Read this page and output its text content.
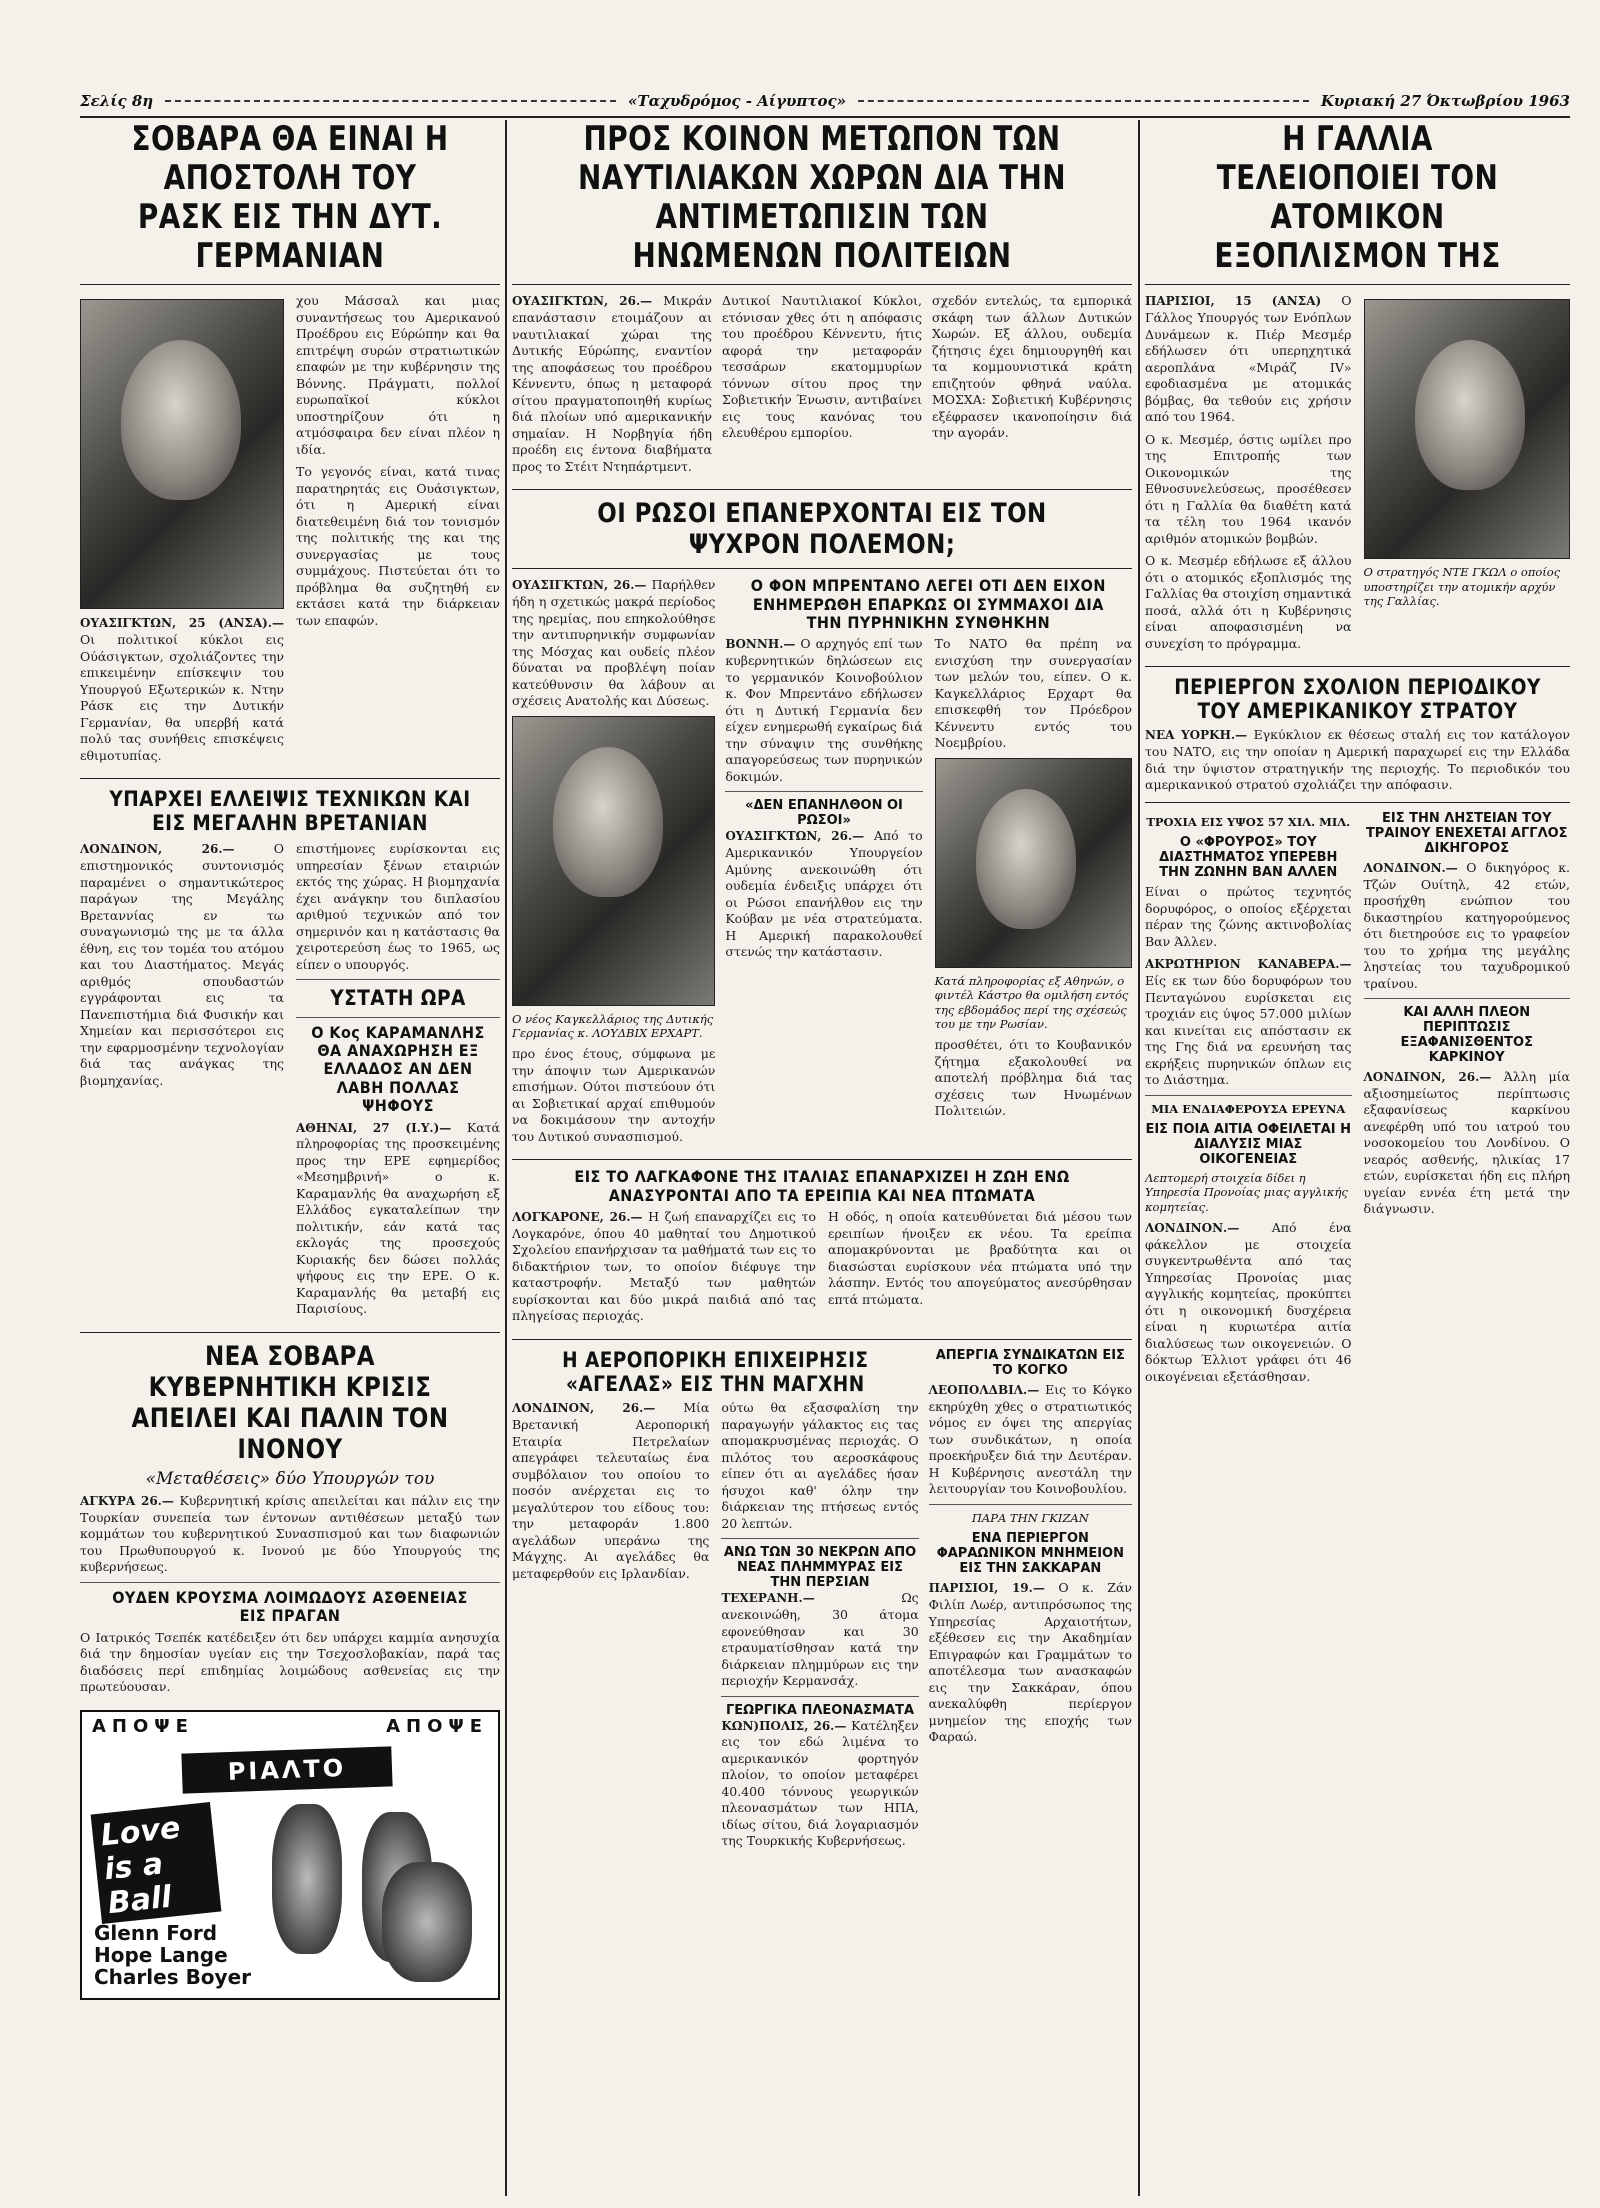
Σελίς 8η	«Ταχυδρόμος - Αίγυπτος»	Κυριακή 27 Όκτωβρίου 1963
ΣΟΒΑΡΑ ΘΑ ΕΙΝΑΙ Η ΑΠΟΣΤΟΛΗ ΤΟΥ ΡΑΣΚ ΕΙΣ ΤΗΝ ΔΥΤ. ΓΕΡΜΑΝΙΑΝ
ΟΥΑΣΙΓΚΤΩΝ, 25 (ΑΝΣΑ).— Οι πολιτικοί κύκλοι εις Ούάσιγκτων, σχολιάζοντες την επικειμένην επίσκεψιν του Υπουργού Εξωτερικών κ. Ντην Ράσκ εις την Δυτικήν Γερμανίαν, θα υπερβή κατά πολύ τας συνήθεις επισκέψεις εθιμοτυπίας.
χου Μάσσαλ και μιας συναντήσεως του Αμερικανού Προέδρου εις Εύρώπην και θα επιτρέψη συρών στρατιωτικών επαφών με την κυβέρνησιν της Βόννης. Πράγματι, πολλοί ευρωπαϊκοί κύκλοι υποστηρίζουν ότι η ατμόσφαιρα δεν είναι πλέον η ιδία.
Το γεγονός είναι, κατά τινας παρατηρητάς εις Ουάσιγκτων, ότι η Αμερική είναι διατεθειμένη διά τον τονισμόν της πολιτικής της και της συνεργασίας με τους συμμάχους. Πιστεύεται ότι το πρόβλημα θα συζητηθή εν εκτάσει κατά την διάρκειαν των επαφών.
ΥΠΑΡΧΕΙ ΕΛΛΕΙΨΙΣ ΤΕΧΝΙΚΩΝ ΚΑΙ ΕΙΣ ΜΕΓΑΛΗΝ ΒΡΕΤΑΝΙΑΝ
ΛΟΝΔΙΝΟΝ, 26.—	Ο επιστημονικός συντονισμός παραμένει ο σημαντικώτερος παράγων της Μεγάλης Βρεταννίας εν τω συναγωνισμώ της με τα άλλα έθνη, εις τον τομέα του ατόμου και του Διαστήματος. Μεγάς αριθμός σπουδαστών εγγράφονται εις τα Πανεπιστήμια διά Φυσικήν και Χημείαν και περισσότεροι εις την εφαρμοσμένην τεχνολογίαν διά τας ανάγκας της βιομηχανίας.
επιστήμονες ευρίσκονται εις υπηρεσίαν ξένων εταιριών εκτός της χώρας. Η βιομηχανία έχει ανάγκην του διπλασίου αριθμού τεχνικών από τον σημερινόν και η κατάστασις θα χειροτερεύση έως το 1965, ως είπεν ο υπουργός.
ΥΣΤΑΤΗ ΩΡΑ
Ο Κος ΚΑΡΑΜΑΝΛΗΣ ΘΑ ΑΝΑΧΩΡΗΣΗ ΕΞ ΕΛΛΑΔΟΣ ΑΝ ΔΕΝ ΛΑΒΗ ΠΟΛΛΑΣ ΨΗΦΟΥΣ
ΑΘΗΝΑΙ, 27 (Ι.Υ.)— Κατά πληροφορίας της προσκειμένης προς την ΕΡΕ εφημερίδος «Μεσημβρινή» ο κ. Καραμανλής θα αναχωρήση εξ Ελλάδος εγκαταλείπων την πολιτικήν, εάν κατά τας εκλογάς της προσεχούς Κυριακής δεν δώσει πολλάς ψήφους εις την ΕΡΕ. Ο κ. Καραμανλής θα μεταβή εις Παρισίους.
ΝΕΑ ΣΟΒΑΡΑ ΚΥΒΕΡΝΗΤΙΚΗ ΚΡΙΣΙΣ ΑΠΕΙΛΕΙ ΚΑΙ ΠΑΛΙΝ ΤΟΝ ΙΝΟΝΟΥ
«Μεταθέσεις» δύο Υπουργών του
ΑΓΚΥΡΑ 26.— Κυβερνητική κρίσις απειλείται και πάλιν εις την Τουρκίαν συνεπεία των έντονων αντιθέσεων μεταξύ των κομμάτων του κυβερνητικού Συνασπισμού και των διαφωνιών του Πρωθυπουργού κ. Ινονού με δύο Υπουργούς της κυβερνήσεως.
ΟΥΔΕΝ ΚΡΟΥΣΜΑ ΛΟΙΜΩΔΟΥΣ ΑΣΘΕΝΕΙΑΣ ΕΙΣ ΠΡΑΓΑΝ
Ο Ιατρικός Τσεπέκ κατέδειξεν ότι δεν υπάρχει καμμία ανησυχία διά την δημοσίαν υγείαν εις την Τσεχοσλοβακίαν, παρά τας διαδόσεις περί επιδημίας λοιμώδους ασθενείας εις την πρωτεύουσαν.
ΑΠΟΨΕ	ΑΠΟΨΕ
ΡΙΑΛΤΟ
Love is a Ball
Glenn Ford
Hope Lange
Charles Boyer
ΠΡΟΣ ΚΟΙΝΟΝ ΜΕΤΩΠΟΝ ΤΩΝ ΝΑΥΤΙΛΙΑΚΩΝ ΧΩΡΩΝ ΔΙΑ ΤΗΝ ΑΝΤΙΜΕΤΩΠΙΣΙΝ ΤΩΝ ΗΝΩΜΕΝΩΝ ΠΟΛΙΤΕΙΩΝ
ΟΥΑΣΙΓΚΤΩΝ, 26.— Μικράν επανάστασιν ετοιμάζουν αι ναυτιλιακαί χώραι της Δυτικής Εύρώπης, εναντίον της αποφάσεως του προέδρου Κέννεντυ, όπως η μεταφορά σίτου πραγματοποιηθή κυρίως διά πλοίων υπό αμερικανικήν σημαίαν. Η Νορβηγία ήδη προέδη εις έντονα διαβήματα προς το Στέιτ Ντηπάρτμεντ.
Δυτικοί Ναυτιλιακοί Κύκλοι, ετόνισαν χθες ότι η απόφασις του προέδρου Κέννεντυ, ήτις αφορά την μεταφοράν τεσσάρων εκατομμυρίων τόννων σίτου προς την Σοβιετικήν Ένωσιν, αντιβαίνει εις τους κανόνας του ελευθέρου εμπορίου.
σχεδόν εντελώς, τα εμπορικά σκάφη των άλλων Δυτικών Χωρών. Εξ άλλου, ουδεμία ζήτησις έχει δημιουργηθή και τα κομμουνιστικά κράτη επιζητούν φθηνά ναύλα. ΜΟΣΧΑ: Σοβιετική Κυβέρνησις εξέφρασεν ικανοποίησιν διά την αγοράν.
ΟΙ ΡΩΣΟΙ ΕΠΑΝΕΡΧΟΝΤΑΙ ΕΙΣ ΤΟΝ ΨΥΧΡΟΝ ΠΟΛΕΜΟΝ;
ΟΥΑΣΙΓΚΤΩΝ, 26.— Παρήλθεν ήδη η σχετικώς μακρά περίοδος της ηρεμίας, που επηκολούθησε την αντιπυρηνικήν συμφωνίαν της Μόσχας και ουδείς πλέον δύναται να προβλέψη ποίαν κατεύθυνσιν θα λάβουν αι σχέσεις Ανατολής και Δύσεως.
Ο νέος Καγκελλάριος της Δυτικής Γερμανίας κ. ΛΟΥΔΒΙΧ ΕΡΧΑΡΤ.
προ ένος έτους, σύμφωνα με την άποψιν των Αμερικανών επισήμων. Ούτοι πιστεύουν ότι αι Σοβιετικαί αρχαί επιθυμούν να δοκιμάσουν την αντοχήν του Δυτικού συνασπισμού.
Ο ΦΟΝ ΜΠΡΕΝΤΑΝΟ ΛΕΓΕΙ ΟΤΙ ΔΕΝ ΕΙΧΟΝ ΕΝΗΜΕΡΩΘΗ ΕΠΑΡΚΩΣ ΟΙ ΣΥΜΜΑΧΟΙ ΔΙΑ ΤΗΝ ΠΥΡΗΝΙΚΗΝ ΣΥΝΘΗΚΗΝ
ΒΟΝΝΗ.— Ο αρχηγός επί των κυβερνητικών δηλώσεων εις το γερμανικόν Κοινοβούλιον κ. Φον Μπρεντάνο εδήλωσεν ότι η Δυτική Γερμανία δεν είχεν ενημερωθή εγκαίρως διά την σύναψιν της συνθήκης απαγορεύσεως των πυρηνικών δοκιμών.
«ΔΕΝ ΕΠΑΝΗΛΘΟΝ ΟΙ ΡΩΣΟΙ»
ΟΥΑΣΙΓΚΤΩΝ, 26.— Από το Αμερικανικόν Υπουργείον Αμύνης ανεκοινώθη ότι ουδεμία ένδειξις υπάρχει ότι οι Ρώσοι επανήλθον εις την Κούβαν με νέα στρατεύματα. Η Αμερική παρακολουθεί στενώς την κατάστασιν.
Το ΝΑΤΟ θα πρέπη να ενισχύση την συνεργασίαν των μελών του, είπεν. Ο κ. Καγκελλάριος Ερχαρτ θα επισκεφθή τον Πρόεδρον Κέννεντυ εντός του Νοεμβρίου.
Κατά πληροφορίας εξ Αθηνών, ο φιντέλ Κάστρο θα ομιλήση εντός της εβδομάδος περί της σχέσεώς του με την Ρωσίαν.
προσθέτει, ότι το Κουβανικόν ζήτημα εξακολουθεί να αποτελή πρόβλημα διά τας σχέσεις των Ηνωμένων Πολιτειών.
ΕΙΣ ΤΟ ΛΑΓΚΑΦΟΝΕ ΤΗΣ ΙΤΑΛΙΑΣ ΕΠΑΝΑΡΧΙΖΕΙ Η ΖΩΗ ΕΝΩ ΑΝΑΣΥΡΟΝΤΑΙ ΑΠΟ ΤΑ ΕΡΕΙΠΙΑ ΚΑΙ ΝΕΑ ΠΤΩΜΑΤΑ
ΛΟΓΚΑΡΟΝΕ, 26.— Η ζωή επαναρχίζει εις το Λογκαρόνε, όπου 40 μαθηταί του Δημοτικού Σχολείου επανήρχισαν τα μαθήματά των εις το διδακτήριον των, το οποίον διέφυγε την καταστροφήν. Μεταξύ των μαθητών ευρίσκονται και δύο μικρά παιδιά από τας πληγείσας περιοχάς.
Η οδός, η οποία κατευθύνεται διά μέσου των ερειπίων ήνοιξεν εκ νέου. Τα ερείπια απομακρύνονται με βραδύτητα και οι διασώσται ευρίσκουν νέα πτώματα υπό την λάσπην. Εντός του απογεύματος ανεσύρθησαν επτά πτώματα.
Η ΑΕΡΟΠΟΡΙΚΗ ΕΠΙΧΕΙΡΗΣΙΣ «ΑΓΕΛΑΣ» ΕΙΣ ΤΗΝ ΜΑΓΧΗΝ
ΛΟΝΔΙΝΟΝ, 26.— Μία Βρετανική Αεροπορική Εταιρία Πετρελαίων απεγράφει τελευταίως ένα συμβόλαιον του οποίου το ποσόν ανέρχεται εις το μεγαλύτερον του είδους του: την μεταφοράν 1.800 αγελάδων υπεράνω της Μάγχης. Αι αγελάδες θα μεταφερθούν εις Ιρλανδίαν.
ούτω θα εξασφαλίση την παραγωγήν γάλακτος εις τας απομακρυσμένας περιοχάς. Ο πιλότος του αεροσκάφους είπεν ότι αι αγελάδες ήσαν ήσυχοι καθ' όλην την διάρκειαν της πτήσεως εντός 20 λεπτών.
ΑΝΩ ΤΩΝ 30 ΝΕΚΡΩΝ ΑΠΟ ΝΕΑΣ ΠΛΗΜΜΥΡΑΣ ΕΙΣ ΤΗΝ ΠΕΡΣΙΑΝ
ΤΕΧΕΡΑΝΗ.—	Ως ανεκοινώθη, 30 άτομα εφονεύθησαν και 30 ετραυματίσθησαν κατά την διάρκειαν πλημμύρων εις την περιοχήν Κερμανσάχ.
ΓΕΩΡΓΙΚΑ ΠΛΕΟΝΑΣΜΑΤΑ
ΚΩΝ)ΠΟΛΙΣ, 26.— Κατέληξεν εις τον εδώ λιμένα το αμερικανικόν φορτηγόν πλοίον, το οποίον μεταφέρει 40.400 τόννους γεωργικών πλεονασμάτων των ΗΠΑ, ιδίως σίτου, διά λογαριασμόν της Τουρκικής Κυβερνήσεως.
ΑΠΕΡΓΙΑ ΣΥΝΔΙΚΑΤΩΝ ΕΙΣ ΤΟ ΚΟΓΚΟ
ΛΕΟΠΟΛΔΒΙΛ.— Εις το Κόγκο εκηρύχθη χθες ο στρατιωτικός νόμος εν όψει της απεργίας των συνδικάτων, η οποία προεκήρυξεν διά την Δευτέραν. Η Κυβέρνησις ανεστάλη την λειτουργίαν του Κοινοβουλίου.
ΠΑΡΑ ΤΗΝ ΓΚΙΖΑΝ
ΕΝΑ ΠΕΡΙΕΡΓΟΝ ΦΑΡΑΩΝΙΚΟΝ ΜΝΗΜΕΙΟΝ ΕΙΣ ΤΗΝ ΣΑΚΚΑΡΑΝ
ΠΑΡΙΣΙΟΙ, 19.— Ο κ. Ζάν Φιλίπ Λωέρ, αντιπρόσωπος της Υπηρεσίας Αρχαιοτήτων, εξέθεσεν εις την Ακαδημίαν Επιγραφών και Γραμμάτων το αποτέλεσμα των ανασκαφών εις την Σακκάραν, όπου ανεκαλύφθη περίεργον μνημείον της εποχής των Φαραώ.
Η ΓΑΛΛΙΑ ΤΕΛΕΙΟΠΟΙΕΙ ΤΟΝ ΑΤΟΜΙΚΟΝ ΕΞΟΠΛΙΣΜΟΝ ΤΗΣ
ΠΑΡΙΣΙΟΙ, 15 (ΑΝΣΑ) Ο Γάλλος Υπουργός των Ενόπλων Δυνάμεων κ. Πιέρ Μεσμέρ εδήλωσεν ότι υπερηχητικά αεροπλάνα «Μιράζ IV» εφοδιασμένα με ατομικάς βόμβας, θα τεθούν εις χρήσιν από του 1964.
Ο κ. Μεσμέρ, όστις ωμίλει προ της Επιτροπής των Οικονομικών της Εθνοσυνελεύσεως, προσέθεσεν ότι η Γαλλία θα διαθέτη κατά τα τέλη του 1964 ικανόν αριθμόν ατομικών βομβών.
Ο κ. Μεσμέρ εδήλωσε εξ άλλου ότι ο ατομικός εξοπλισμός της Γαλλίας θα στοιχίση σημαντικά ποσά, αλλά ότι η Κυβέρνησις είναι αποφασισμένη να συνεχίση το πρόγραμμα.
Ο στρατηγός ΝΤΕ ΓΚΩΛ ο οποίος υποστηρίζει την ατομικήν αρχύν της Γαλλίας.
ΠΕΡΙΕΡΓΟΝ ΣΧΟΛΙΟΝ ΠΕΡΙΟΔΙΚΟΥ ΤΟΥ ΑΜΕΡΙΚΑΝΙΚΟΥ ΣΤΡΑΤΟΥ
ΝΕΑ ΥΟΡΚΗ.— Εγκύκλιον εκ θέσεως σταλή εις τον κατάλογον του ΝΑΤΟ, εις την οποίαν η Αμερική παραχωρεί εις την Ελλάδα διά την ύψιστον στρατηγικήν της περιοχής. Το περιοδικόν του αμερικανικού στρατού σχολιάζει την απόφασιν.
ΤΡΟΧΙΑ ΕΙΣ ΥΨΟΣ 57 ΧΙΛ. ΜΙΛ.
Ο «ΦΡΟΥΡΟΣ» ΤΟΥ ΔΙΑΣΤΗΜΑΤΟΣ ΥΠΕΡΕΒΗ ΤΗΝ ΖΩΝΗΝ ΒΑΝ ΑΛΛΕΝ
Είναι ο πρώτος τεχνητός δορυφόρος, ο οποίος εξέρχεται πέραν της ζώνης ακτινοβολίας Βαν Άλλεν.
ΑΚΡΩΤΗΡΙΟΝ ΚΑΝΑΒΕΡΑ.— Είς εκ των δύο δορυφόρων του Πενταγώνου ευρίσκεται εις τροχιάν εις ύψος 57.000 μιλίων και κινείται εις απόστασιν εκ της Γης διά να ερευνήση τας εκρήξεις πυρηνικών όπλων εις το Διάστημα.
ΜΙΑ ΕΝΔΙΑΦΕΡΟΥΣΑ ΕΡΕΥΝΑ
ΕΙΣ ΠΟΙΑ ΑΙΤΙΑ ΟΦΕΙΛΕΤΑΙ Η ΔΙΑΛΥΣΙΣ ΜΙΑΣ ΟΙΚΟΓΕΝΕΙΑΣ
Λεπτομερή στοιχεία δίδει η Υπηρεσία Προνοίας μιας αγγλικής κομητείας.
ΛΟΝΔΙΝΟΝ.—	Από ένα φάκελλον με στοιχεία συγκεντρωθέντα από τας Υπηρεσίας Προνοίας μιας αγγλικής κομητείας, προκύπτει ότι η οικονομική δυσχέρεια είναι η κυριωτέρα αιτία διαλύσεως των οικογενειών. Ο δόκτωρ Έλλιοτ γράφει ότι 46 οικογένειαι εξετάσθησαν.
ΕΙΣ ΤΗΝ ΛΗΣΤΕΙΑΝ ΤΟΥ ΤΡΑΙΝΟΥ ΕΝΕΧΕΤΑΙ ΑΓΓΛΟΣ ΔΙΚΗΓΟΡΟΣ
ΛΟΝΔΙΝΟΝ.— Ο δικηγόρος κ. Τζών Ουίτηλ, 42 ετών, προσήχθη ενώπιον του δικαστηρίου κατηγορούμενος ότι διετηρούσε εις το γραφείον του το χρήμα της μεγάλης ληστείας του ταχυδρομικού τραίνου.
ΚΑΙ ΑΛΛΗ ΠΛΕΟΝ ΠΕΡΙΠΤΩΣΙΣ ΕΞΑΦΑΝΙΣΘΕΝΤΟΣ ΚΑΡΚΙΝΟΥ
ΛΟΝΔΙΝΟΝ, 26.— Άλλη μία αξιοσημείωτος περίπτωσις εξαφανίσεως καρκίνου ανεφέρθη υπό του ιατρού του νοσοκομείου του Λονδίνου. Ο νεαρός ασθενής, ηλικίας 17 ετών, ευρίσκεται ήδη εις πλήρη υγείαν εννέα έτη μετά την διάγνωσιν.
